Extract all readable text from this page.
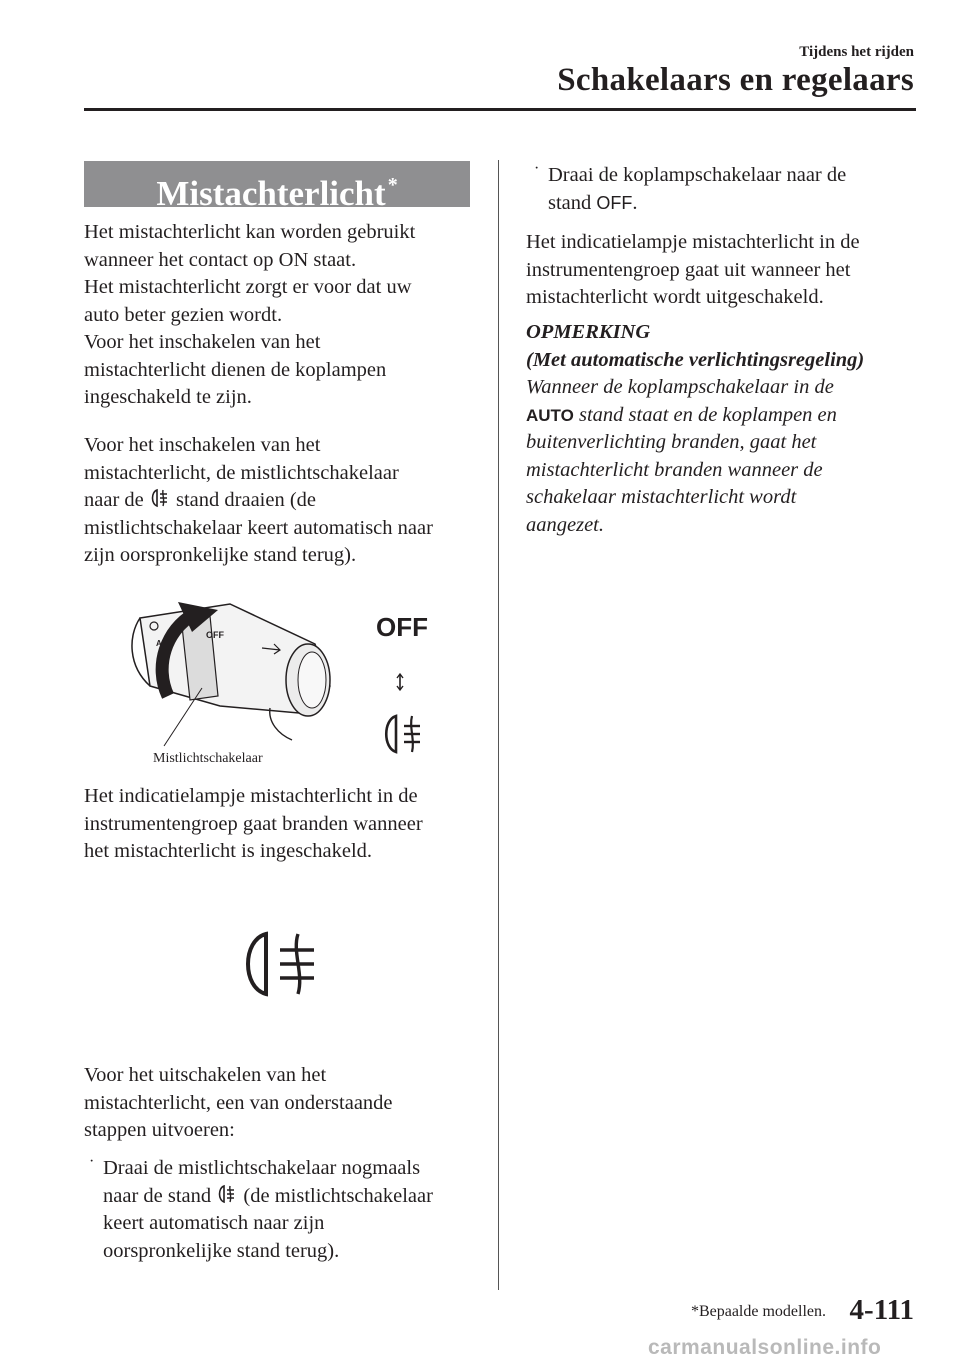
Tijdens het rijden
Schakelaars en regelaars
Mistachterlicht *

Het mistachterlicht kan worden gebruikt

wanneer het contact op ON staat.

Het mistachterlicht zorgt er voor dat uw

auto beter gezien wordt.

Voor het inschakelen van het

mistachterlicht dienen de koplampen

ingeschakeld te zijn.

Voor het inschakelen van het

mistachterlicht, de mistlichtschakelaar

naar de stand draaien (de

mistlichtschakelaar keert automatisch naar

zijn oorspronkelijke stand terug).

OFF
A
OFF
Mistlichtschakelaar

Het indicatielampje mistachterlicht in de

instrumentengroep gaat branden wanneer

het mistachterlicht is ingeschakeld.

Voor het uitschakelen van het

mistachterlicht, een van onderstaande

stappen uitvoeren:

· Draai de mistlichtschakelaar nogmaals

naar de stand (de mistlichtschakelaar

keert automatisch naar zijn

oorspronkelijke stand terug).

· Draai de koplampschakelaar naar de

stand OFF.

Het indicatielampje mistachterlicht in de

instrumentengroep gaat uit wanneer het

mistachterlicht wordt uitgeschakeld.

OPMERKING

(Met automatische verlichtingsregeling)

Wanneer de koplampschakelaar in de

AUTO stand staat en de koplampen en

buitenverlichting branden, gaat het

mistachterlicht branden wanneer de

schakelaar mistachterlicht wordt

aangezet.

*Bepaalde modellen. 4-111
carmanualsonline.info
